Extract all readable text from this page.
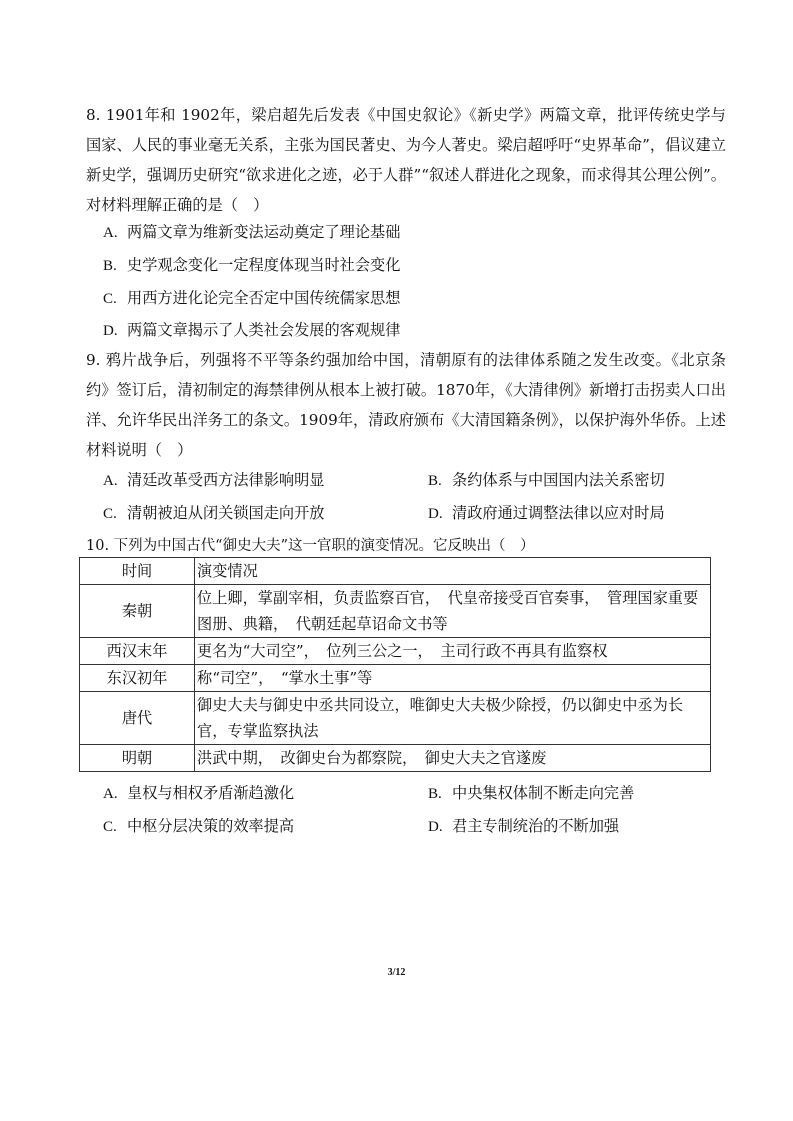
8. 1901年和 1902年，梁启超先后发表《中国史叙论》《新史学》两篇文章，批评传统史学与国家、人民的事业毫无关系，主张为国民著史、为今人著史。梁启超呼吁“史界革命”，倡议建立新史学，强调历史研究“欲求进化之迹，必于人群”“叙述人群进化之现象，而求得其公理公例”。对材料理解正确的是（　）

A. 两篇文章为维新变法运动奠定了理论基础
B. 史学观念变化一定程度体现当时社会变化
C. 用西方进化论完全否定中国传统儒家思想
D. 两篇文章揭示了人类社会发展的客观规律

9. 鸦片战争后，列强将不平等条约强加给中国，清朝原有的法律体系随之发生改变。《北京条约》签订后，清初制定的海禁律例从根本上被打破。1870年，《大清律例》新增打击拐卖人口出洋、允许华民出洋务工的条文。1909年，清政府颁布《大清国籍条例》，以保护海外华侨。上述材料说明（　）

A. 清廷改革受西方法律影响明显	B. 条约体系与中国国内法关系密切
C. 清朝被迫从闭关锁国走向开放	D. 清政府通过调整法律以应对时局
10. 下列为中国古代“御史大夫”这一官职的演变情况。它反映出（　）
时间	演变情况
秦朝	位上卿，掌副宰相，负责监察百官，　代皇帝接受百官奏事，　管理国家重要图册、典籍，　代朝廷起草诏命文书等
西汉末年	更名为“大司空”，　位列三公之一，　主司行政不再具有监察权
东汉初年	称“司空”，　“掌水土事”等
唐代	御史大夫与御史中丞共同设立，唯御史大夫极少除授，仍以御史中丞为长官，专掌监察执法
明朝	洪武中期，　改御史台为都察院，　御史大夫之官遂废
A. 皇权与相权矛盾渐趋激化	B. 中央集权体制不断走向完善
C. 中枢分层决策的效率提高	D. 君主专制统治的不断加强
3/12
